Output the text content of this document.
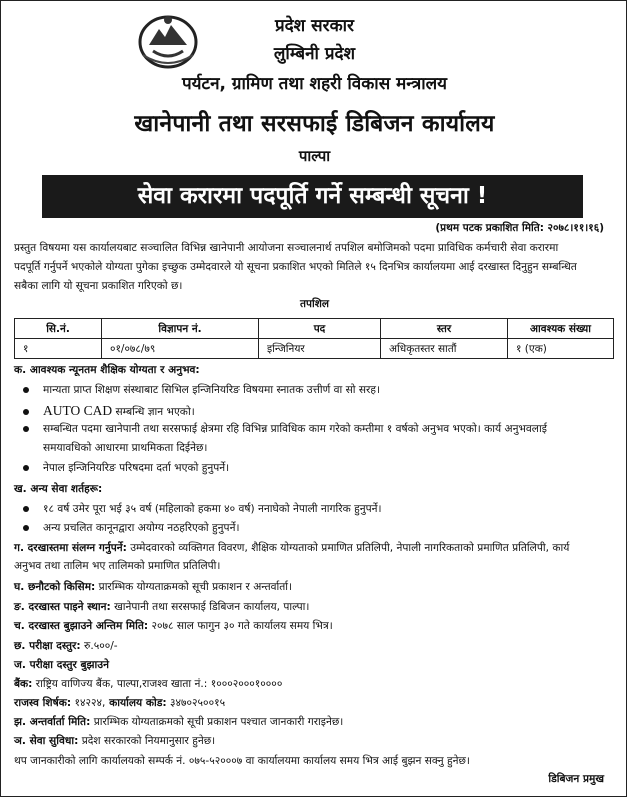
प्रदेश सरकार
लुम्बिनी प्रदेश
पर्यटन, ग्रामिण तथा शहरी विकास मन्त्रालय
खानेपानी तथा सरसफाई डिबिजन कार्यालय
पाल्पा
सेवा करारमा पदपूर्ति गर्ने सम्बन्धी सूचना !
(प्रथम पटक प्रकाशित मिति: २०७८।११।१६)
प्रस्तुत विषयमा यस कार्यालयबाट सञ्चालित विभिन्न खानेपानी आयोजना सञ्चालनार्थ तपशिल बमोजिमको पदमा प्राविधिक कर्मचारी सेवा करारमा
पदपूर्ति गर्नुपर्ने भएकोले योग्यता पुगेका इच्छुक उम्मेदवारले यो सूचना प्रकाशित भएको मितिले १५ दिनभित्र कार्यालयमा आई दरखास्त दिनुहुन सम्बन्धित
सबैका लागि यो सूचना प्रकाशित गरिएको छ।
तपशिल
सि.नं.	विज्ञापन नं.	पद	स्तर	आवश्यक संख्या
१	०१/०७८/७९	इन्जिनियर	अधिकृतस्तर सातौं	१ (एक)
क. आवश्यक न्यूनतम शैक्षिक योग्यता र अनुभव:
मान्यता प्राप्त शिक्षण संस्थाबाट सिभिल इन्जिनियरिङ विषयमा स्नातक उत्तीर्ण वा सो सरह।
AUTO CAD सम्बन्धि ज्ञान भएको।
सम्बन्धित पदमा खानेपानी तथा सरसफाई क्षेत्रमा रहि विभिन्न प्राविधिक काम गरेको कम्तीमा १ वर्षको अनुभव भएको। कार्य अनुभवलाई
समयावधिको आधारमा प्राथमिकता दिईनेछ।
नेपाल इन्जिनियरिङ परिषदमा दर्ता भएको हुनुपर्ने।
ख. अन्य सेवा शर्तहरू:
१८ वर्ष उमेर पूरा भई ३५ वर्ष (महिलाको हकमा ४० वर्ष) ननाघेको नेपाली नागरिक हुनुपर्ने।
अन्य प्रचलित कानूनद्वारा अयोग्य नठहरिएको हुनुपर्ने।
ग. दरखास्तमा संलग्न गर्नुपर्ने: उम्मेदवारको व्यक्तिगत विवरण, शैक्षिक योग्यताको प्रमाणित प्रतिलिपी, नेपाली नागरिकताको प्रमाणित प्रतिलिपी, कार्य
अनुभव तथा तालिम भए तालिमको प्रमाणित प्रतिलिपी।
घ. छनौटको किसिम: प्रारम्भिक योग्यताक्रमको सूची प्रकाशन र अन्तर्वार्ता।
ङ. दरखास्त पाइने स्थान: खानेपानी तथा सरसफाई डिबिजन कार्यालय, पाल्पा।
च. दरखास्त बुझाउने अन्तिम मिति: २०७८ साल फागुन ३० गते कार्यालय समय भित्र।
छ. परीक्षा दस्तुर: रु.५००/-
ज. परीक्षा दस्तुर बुझाउने
बैंक: राष्ट्रिय वाणिज्य बैंक, पाल्पा,राजश्व खाता नं.: १०००२०००१००००
राजस्व शिर्षक: १४२२४, कार्यालय कोड: ३४७०२५००१५
झ. अन्तर्वार्ता मिति: प्रारम्भिक योग्यताक्रमको सूची प्रकाशन पश्चात जानकारी गराइनेछ।
ञ. सेवा सुविधा: प्रदेश सरकारको नियमानुसार हुनेछ।
थप जानकारीको लागि कार्यालयको सम्पर्क नं. ०७५-५२०००७ वा कार्यालयमा कार्यालय समय भित्र आई बुझन सक्नु हुनेछ।
डिबिजन प्रमुख
